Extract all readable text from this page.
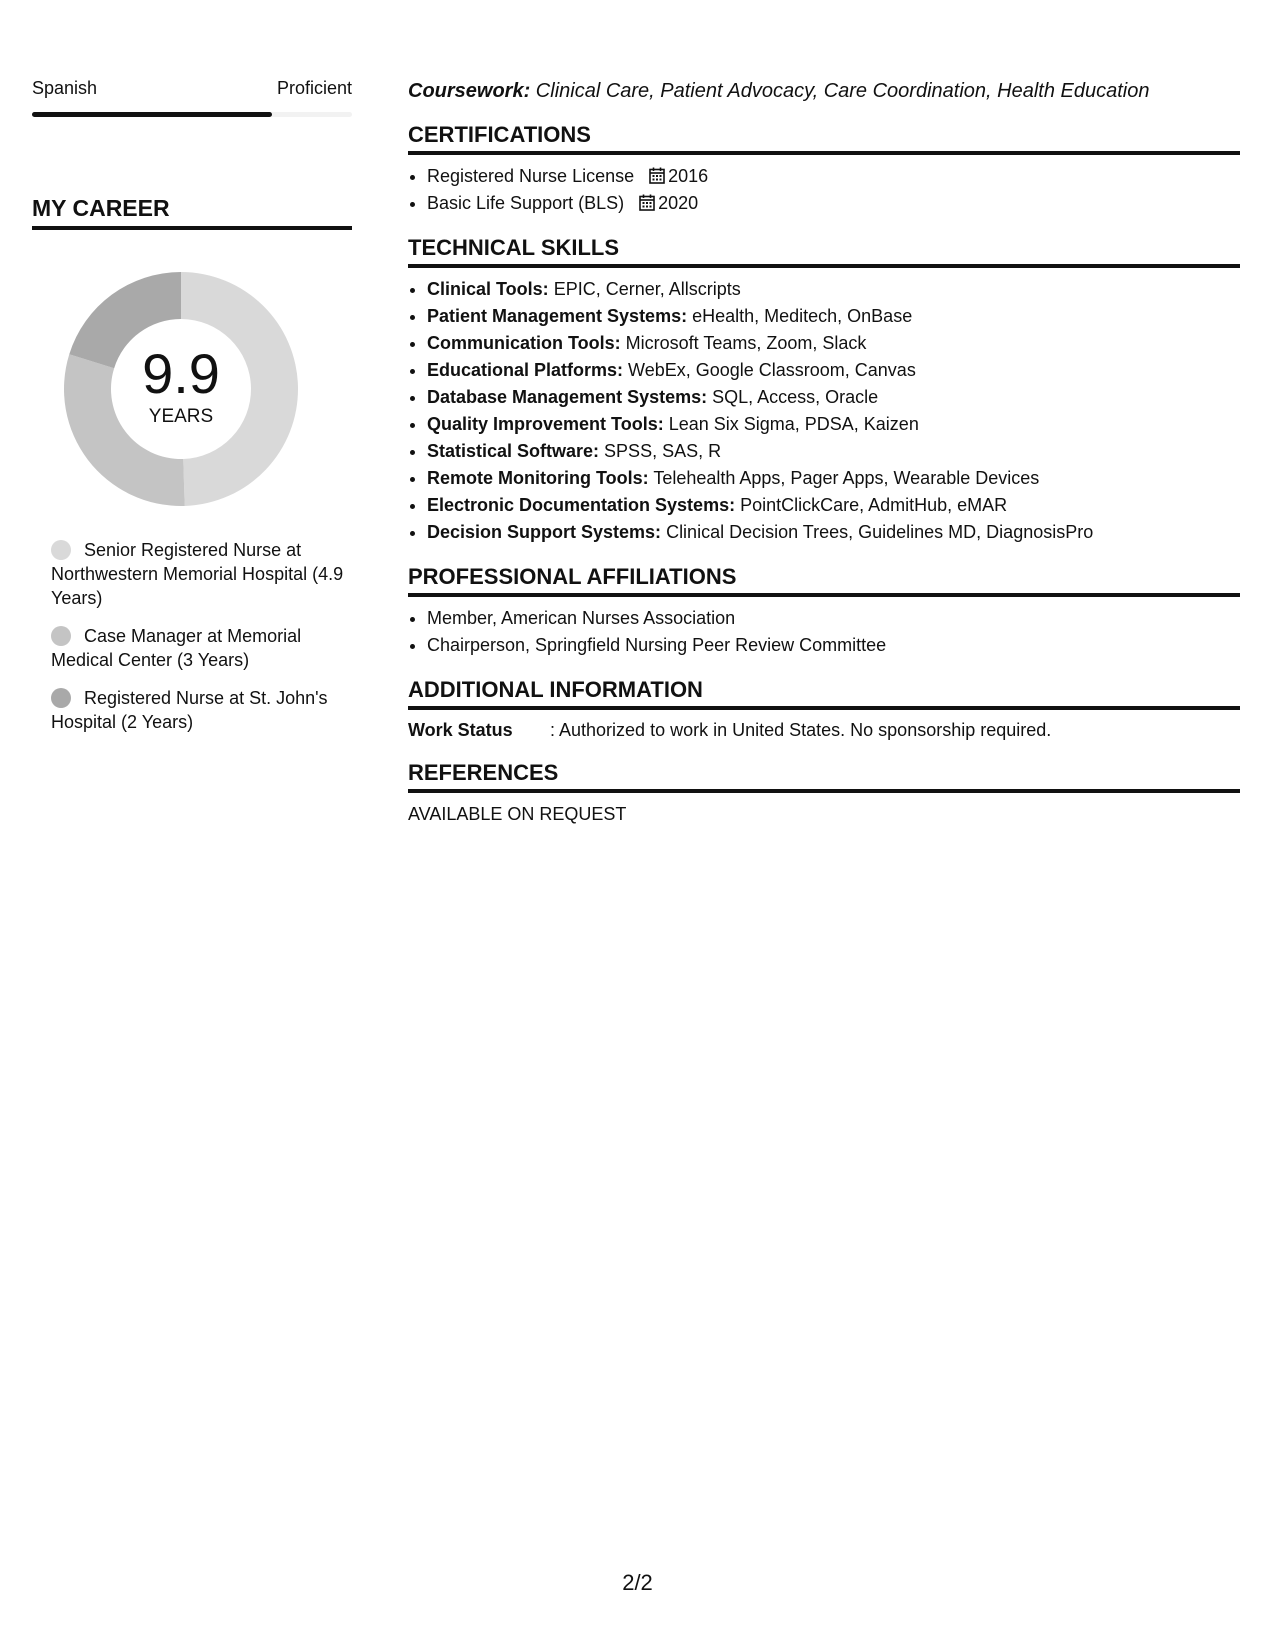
Spanish	Proficient
MY CAREER
9.9
YEARS
Senior Registered Nurse at Northwestern Memorial Hospital (4.9 Years)
Case Manager at Memorial Medical Center (3 Years)
Registered Nurse at St. John's Hospital (2 Years)
Coursework: Clinical Care, Patient Advocacy, Care Coordination, Health Education
CERTIFICATIONS
• Registered Nurse License 2016
• Basic Life Support (BLS) 2020
TECHNICAL SKILLS
• Clinical Tools: EPIC, Cerner, Allscripts
• Patient Management Systems: eHealth, Meditech, OnBase
• Communication Tools: Microsoft Teams, Zoom, Slack
• Educational Platforms: WebEx, Google Classroom, Canvas
• Database Management Systems: SQL, Access, Oracle
• Quality Improvement Tools: Lean Six Sigma, PDSA, Kaizen
• Statistical Software: SPSS, SAS, R
• Remote Monitoring Tools: Telehealth Apps, Pager Apps, Wearable Devices
• Electronic Documentation Systems: PointClickCare, AdmitHub, eMAR
• Decision Support Systems: Clinical Decision Trees, Guidelines MD, DiagnosisPro
PROFESSIONAL AFFILIATIONS
• Member, American Nurses Association
• Chairperson, Springfield Nursing Peer Review Committee
ADDITIONAL INFORMATION
Work Status	: Authorized to work in United States. No sponsorship required.
REFERENCES
AVAILABLE ON REQUEST
2/2
